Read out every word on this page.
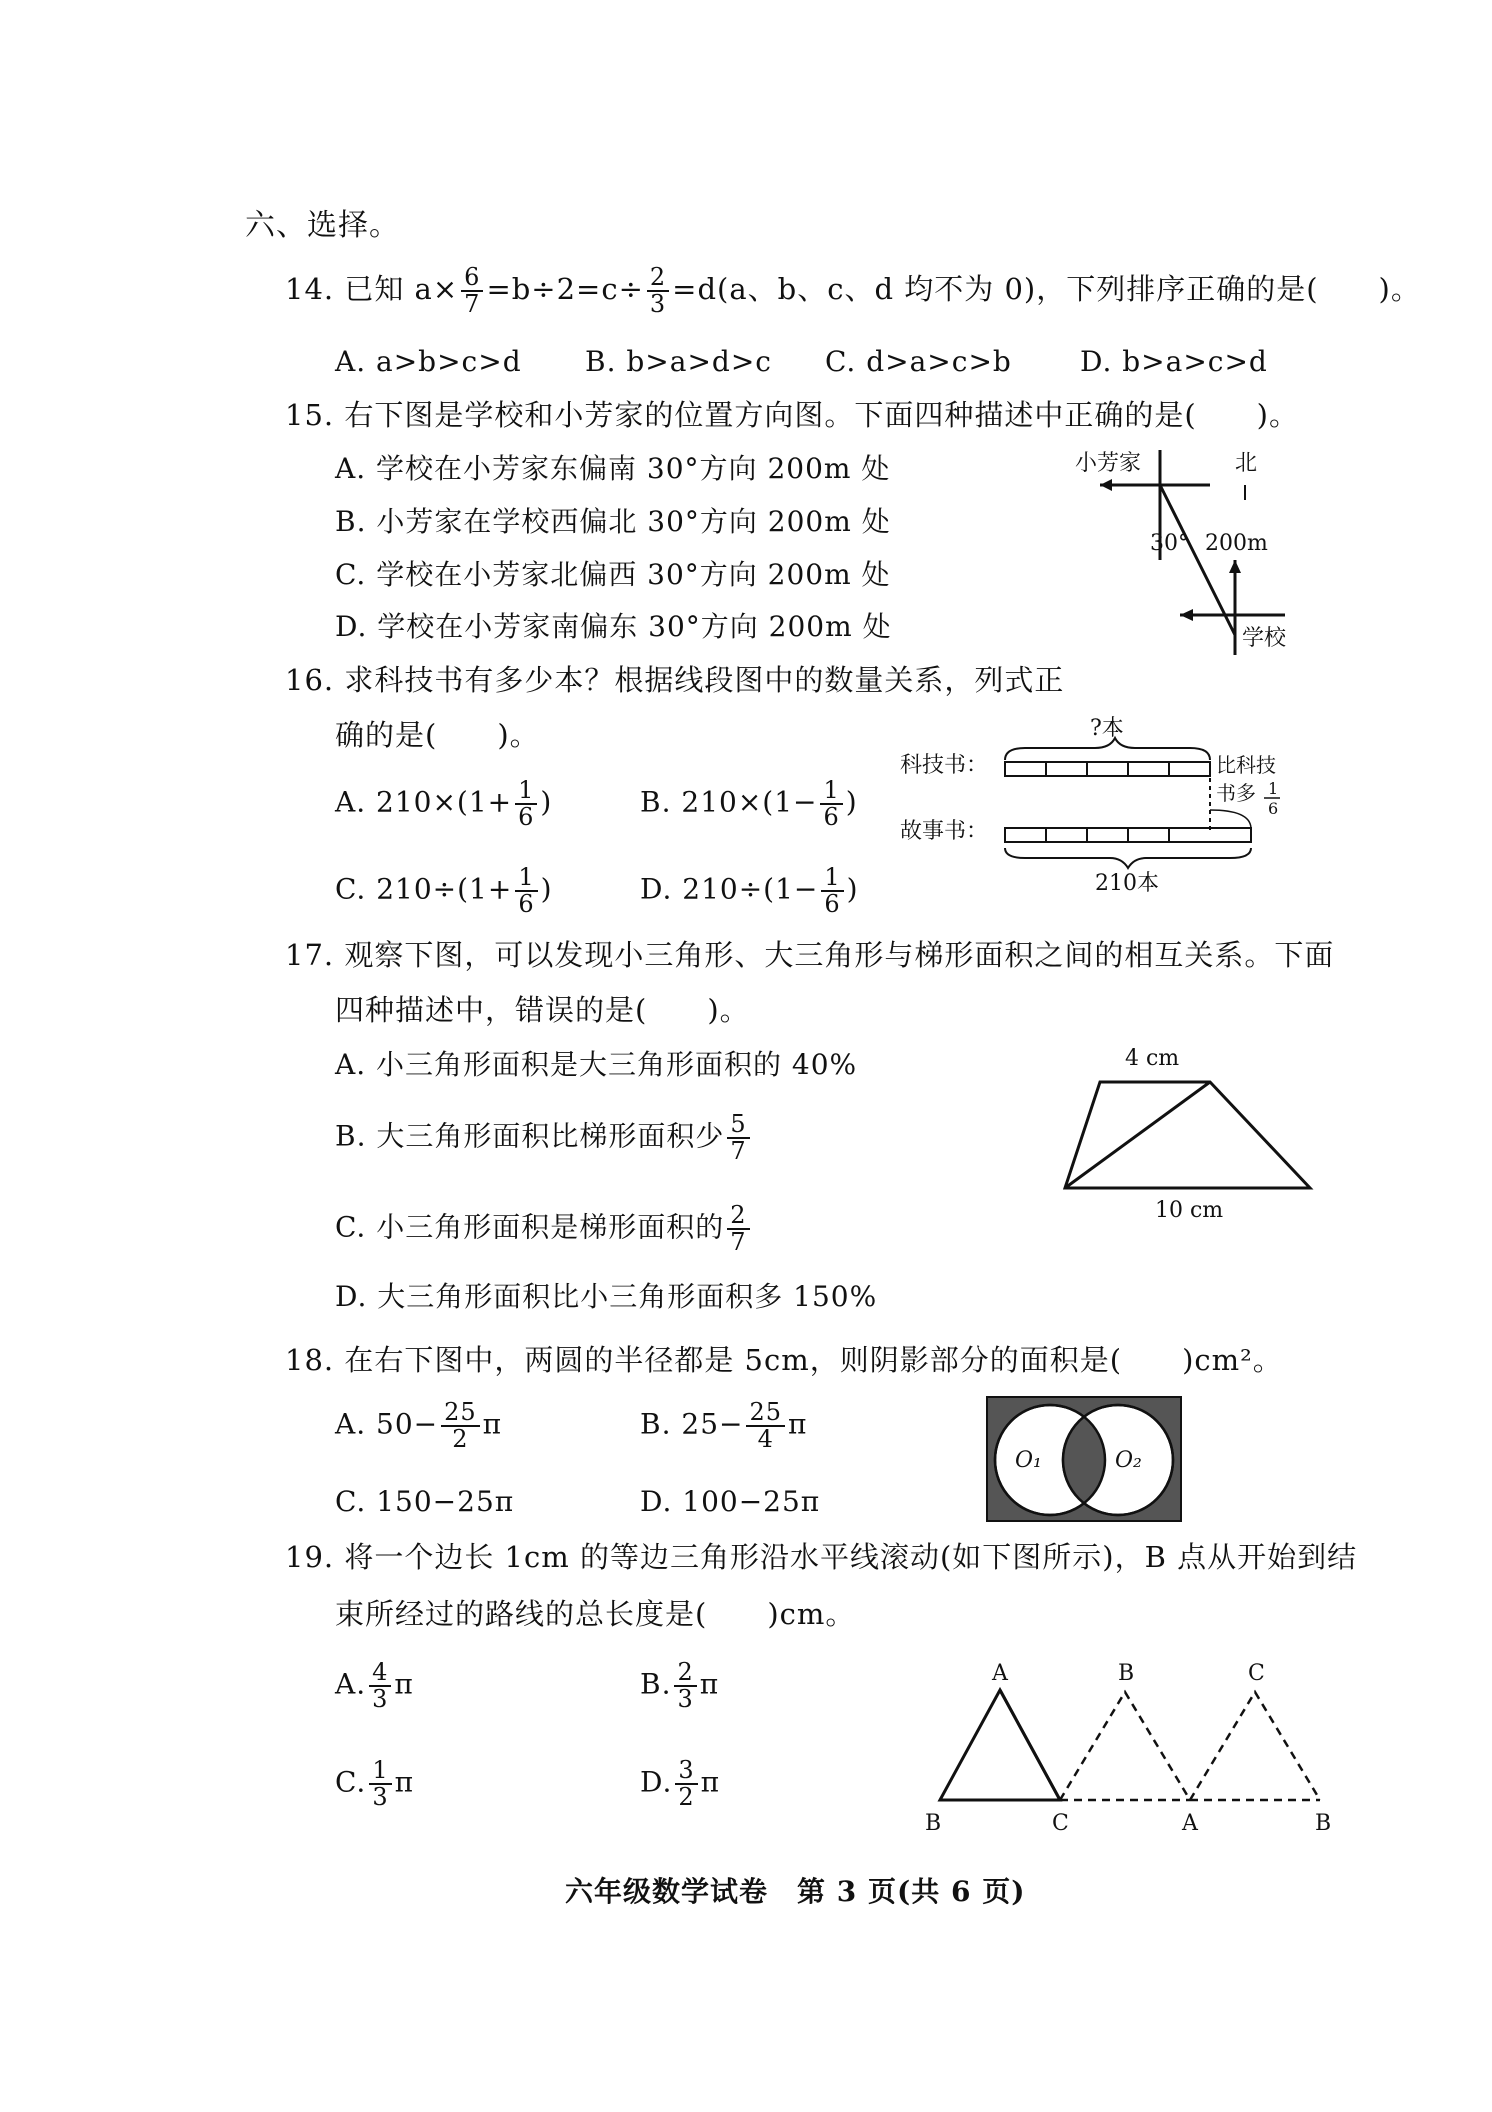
六、选择。
14. 已知 $a\times \frac{6}{7} =b\div 2=c\div \frac{2}{3} =d(a$、b、c、d 均不为 0)，下列排序正确的是(　　)。
A. a>b>c>d B. b>a>d>c C. d>a>c>b D. b>a>c>d
15. 右下图是学校和小芳家的位置方向图。下面四种描述中正确的是(　　)。
A. 学校在小芳家东偏南 30°方向 200m 处
B. 小芳家在学校西偏北 30°方向 200m 处
C. 学校在小芳家北偏西 30°方向 200m 处
D. 学校在小芳家南偏东 30°方向 200m 处
小芳家	北
30° 200m
学校
16. 求科技书有多少本？根据线段图中的数量关系，列式正
确的是(　　)。
A. $210\times(1+ \frac{1}{6}$ )	B. $210\times(1- \frac{1}{6}$ )
C. $210\div(1+ \frac{1}{6}$ )	D. $210\div(1- \frac{1}{6}$ )
?本
科技书：	比科技
书多 1
6
故事书：
210本
17. 观察下图，可以发现小三角形、大三角形与梯形面积之间的相互关系。下面
四种描述中，错误的是(　　)。
A. 小三角形面积是大三角形面积的 40%
B. 大三角形面积比梯形面积少 $\frac{5}{7}$
C. 小三角形面积是梯形面积的 $\frac{2}{7}$
D. 大三角形面积比小三角形面积多 150%
4 cm
10 cm
18. 在右下图中，两圆的半径都是 5cm，则阴影部分的面积是(　　)cm²。
A. $50- \frac{25}{2}$ π	B. $25- \frac{25}{4}$ π
C. 150−25π	D. 100−25π
O₁	O₂
19. 将一个边长 1cm 的等边三角形沿水平线滚动(如下图所示)，B 点从开始到结
束所经过的路线的总长度是(　　)cm。
A. $\frac{4}{3}$ π	B. $\frac{2}{3}$ π
C. $\frac{1}{3}$ π	D. $\frac{3}{2}$ π
A
B	C
B
A
C
B
六年级数学试卷　第 3 页(共 6 页)
